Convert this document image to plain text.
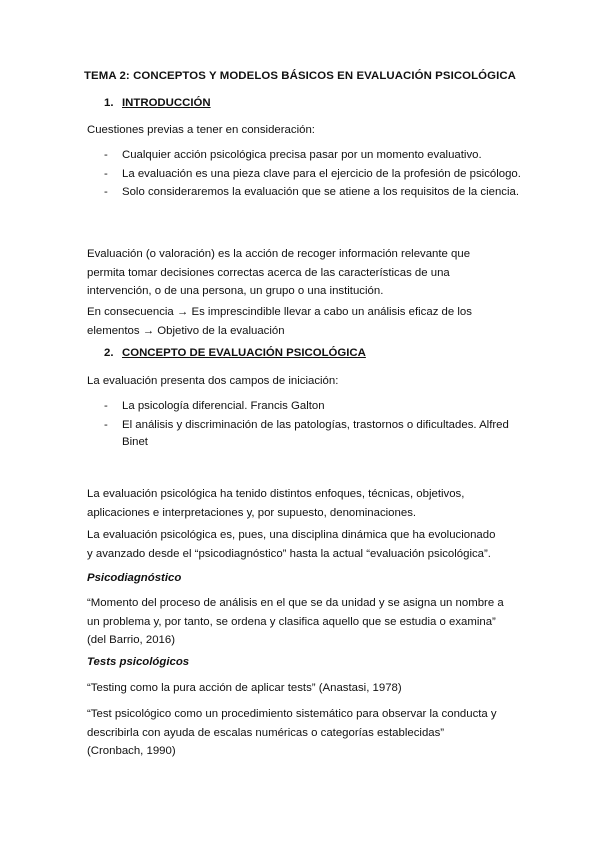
TEMA 2: CONCEPTOS Y MODELOS BÁSICOS EN EVALUACIÓN PSICOLÓGICA
1. INTRODUCCIÓN
Cuestiones previas a tener en consideración:
- Cualquier acción psicológica precisa pasar por un momento evaluativo.
- La evaluación es una pieza clave para el ejercicio de la profesión de psicólogo.
- Solo consideraremos la evaluación que se atiene a los requisitos de la ciencia.
Evaluación (o valoración) es la acción de recoger información relevante que
permita tomar decisiones correctas acerca de las características de una
intervención, o de una persona, un grupo o una institución.
En consecuencia → Es imprescindible llevar a cabo un análisis eficaz de los
elementos → Objetivo de la evaluación
2. CONCEPTO DE EVALUACIÓN PSICOLÓGICA
La evaluación presenta dos campos de iniciación:
- La psicología diferencial. Francis Galton
- El análisis y discriminación de las patologías, trastornos o dificultades. Alfred Binet
La evaluación psicológica ha tenido distintos enfoques, técnicas, objetivos,
aplicaciones e interpretaciones y, por supuesto, denominaciones.
La evaluación psicológica es, pues, una disciplina dinámica que ha evolucionado
y avanzado desde el “psicodiagnóstico” hasta la actual “evaluación psicológica”.
Psicodiagnóstico
“Momento del proceso de análisis en el que se da unidad y se asigna un nombre a
un problema y, por tanto, se ordena y clasifica aquello que se estudia o examina”
(del Barrio, 2016)
Tests psicológicos
“Testing como la pura acción de aplicar tests” (Anastasi, 1978)
“Test psicológico como un procedimiento sistemático para observar la conducta y
describirla con ayuda de escalas numéricas o categorías establecidas”
(Cronbach, 1990)
